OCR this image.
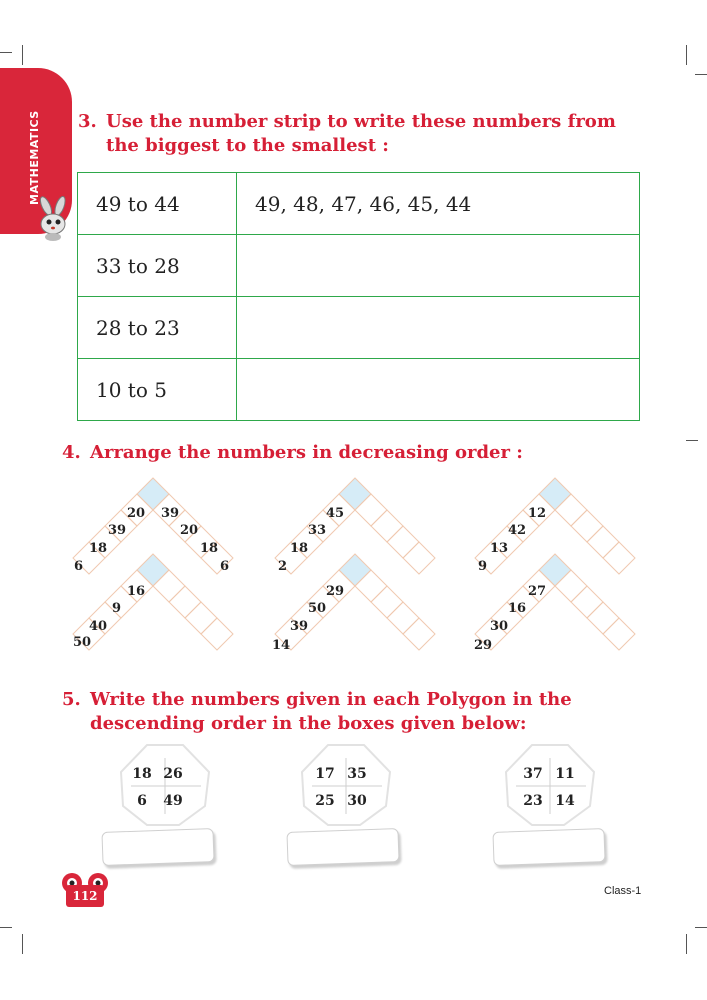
MATHEMATICS 3. Use the number strip to write these numbers from the biggest to the smallest :
49 to 44	49, 48, 47, 46, 45, 44
33 to 28	
28 to 23	
10 to 5	
4. Arrange the numbers in decreasing order :
20
39
18
6
39
20
18
6
16
9
40
50
45
33
18
2
29
50
39
14
12
42
13
9
27
16
30
29
5. Write the numbers given in each Polygon in the descending order in the boxes given below:
18 26
6	49
17 35
25 30
37 11
23 14
112	Class-1
